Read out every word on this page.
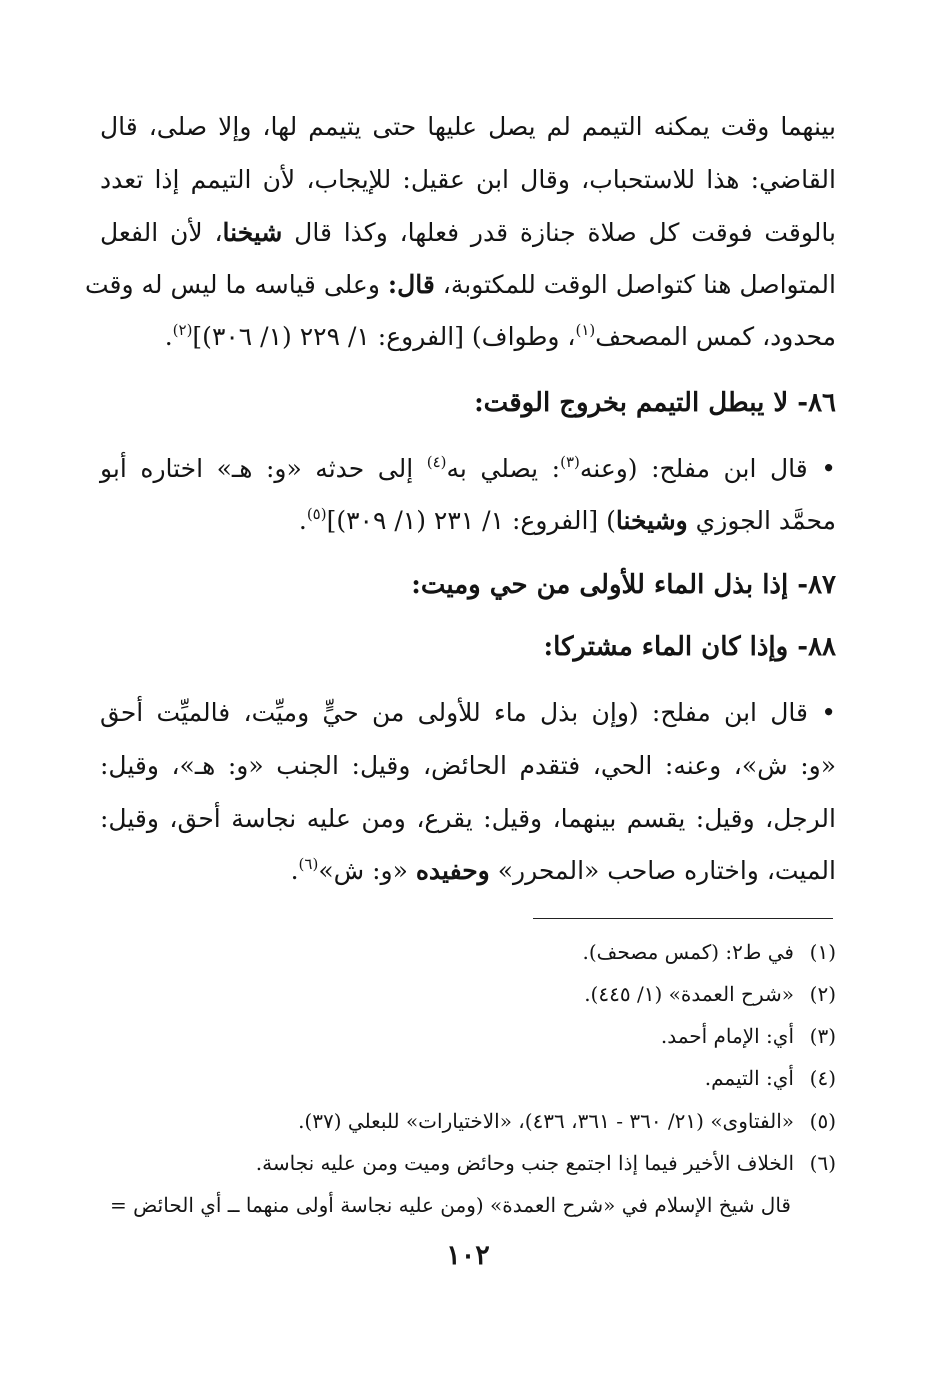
بينهما وقت يمكنه التيمم لم يصل عليها حتى يتيمم لها، وإلا صلى، قال
القاضي: هذا للاستحباب، وقال ابن عقيل: للإيجاب، لأن التيمم إذا تعدد
بالوقت فوقت كل صلاة جنازة قدر فعلها، وكذا قال شيخنا، لأن الفعل
المتواصل هنا كتواصل الوقت للمكتوبة، قال: وعلى قياسه ما ليس له وقت
محدود، كمس المصحف$^{(١)}$، وطواف) [الفروع: ١/ ٢٢٩ (١/ ٣٠٦)]$^{(٢)}$.
٨٦- لا يبطل التيمم بخروج الوقت:
• قال ابن مفلح: (وعنه$^{(٣)}$: يصلي به$^{(٤)}$ إلى حدثه «و: هـ» اختاره أبو
محمَّد الجوزي وشيخنا) [الفروع: ١/ ٢٣١ (١/ ٣٠٩)]$^{(٥)}$.
٨٧- إذا بذل الماء للأولى من حي وميت:
٨٨- وإذا كان الماء مشتركا:
• قال ابن مفلح: (وإن بذل ماء للأولى من حيٍّ وميِّت، فالميِّت أحق
«و: ش»، وعنه: الحي، فتقدم الحائض، وقيل: الجنب «و: هـ»، وقيل:
الرجل، وقيل: يقسم بينهما، وقيل: يقرع، ومن عليه نجاسة أحق، وقيل:
الميت، واختاره صاحب «المحرر» وحفيده «و: ش»$^{(٦)}$.
(١)في ط٢: (كمس مصحف).
(٢)«شرح العمدة» (١/ ٤٤٥).
(٣)أي: الإمام أحمد.
(٤)أي: التيمم.
(٥)«الفتاوى» (٢١/ ٣٦٠ - ٣٦١، ٤٣٦)، «الاختيارات» للبعلي (٣٧).
(٦)الخلاف الأخير فيما إذا اجتمع جنب وحائض وميت ومن عليه نجاسة.
قال شيخ الإسلام في «شرح العمدة» (ومن عليه نجاسة أولى منهما ــ أي الحائض =
١٠٢
